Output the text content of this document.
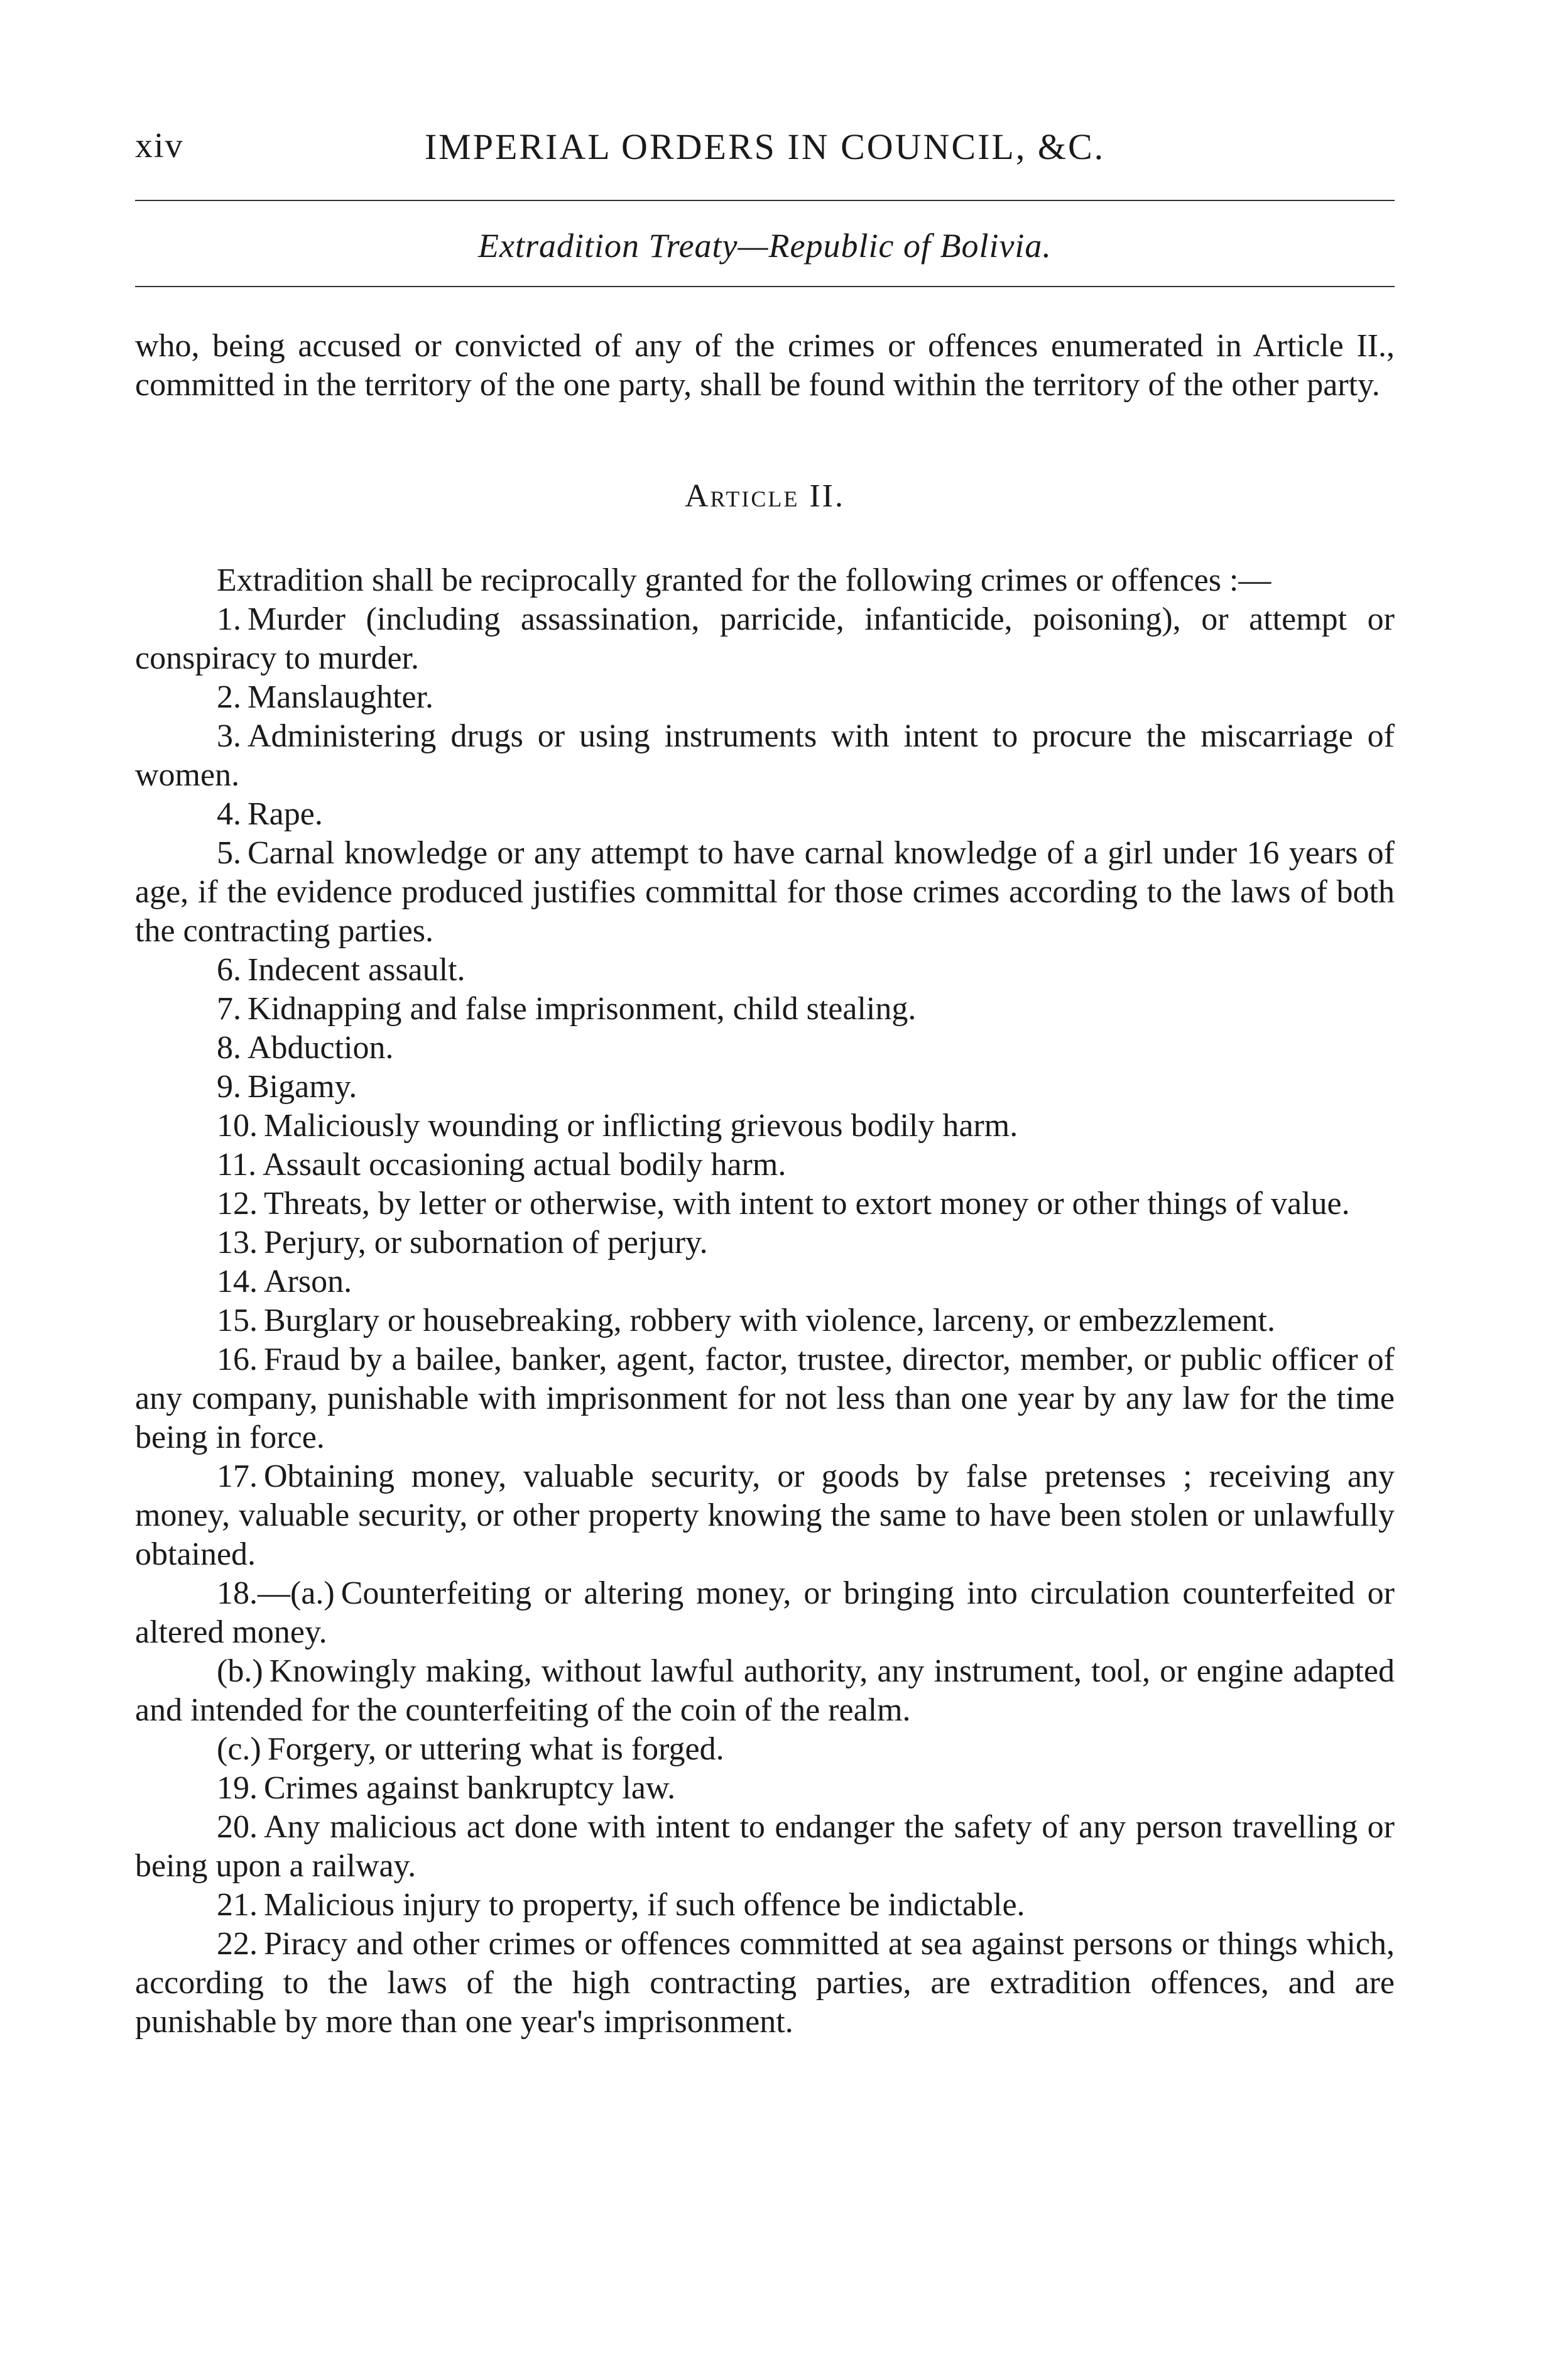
xiv	IMPERIAL ORDERS IN COUNCIL, &C.
Extradition Treaty—Republic of Bolivia.

who, being accused or convicted of any of the crimes or offences enumerated in Article II., committed in the territory of the one party, shall be found within the territory of the other party.

Article II.

Extradition shall be reciprocally granted for the following crimes or offences :—

1. Murder (including assassination, parricide, infanticide, poisoning), or attempt or conspiracy to murder.

2. Manslaughter.

3. Administering drugs or using instruments with intent to procure the miscarriage of women.

4. Rape.

5. Carnal knowledge or any attempt to have carnal knowledge of a girl under 16 years of age, if the evidence produced justifies committal for those crimes according to the laws of both the contracting parties.

6. Indecent assault.

7. Kidnapping and false imprisonment, child stealing.

8. Abduction.

9. Bigamy.

10. Maliciously wounding or inflicting grievous bodily harm.

11. Assault occasioning actual bodily harm.

12. Threats, by letter or otherwise, with intent to extort money or other things of value.

13. Perjury, or subornation of perjury.

14. Arson.

15. Burglary or housebreaking, robbery with violence, larceny, or embezzlement.

16. Fraud by a bailee, banker, agent, factor, trustee, director, member, or public officer of any company, punishable with imprisonment for not less than one year by any law for the time being in force.

17. Obtaining money, valuable security, or goods by false pretenses ; receiving any money, valuable security, or other property knowing the same to have been stolen or unlawfully obtained.

18.—(a.) Counterfeiting or altering money, or bringing into circulation counterfeited or altered money.

(b.) Knowingly making, without lawful authority, any instrument, tool, or engine adapted and intended for the counterfeiting of the coin of the realm.

(c.) Forgery, or uttering what is forged.

19. Crimes against bankruptcy law.

20. Any malicious act done with intent to endanger the safety of any person travelling or being upon a railway.

21. Malicious injury to property, if such offence be indictable.

22. Piracy and other crimes or offences committed at sea against persons or things which, according to the laws of the high contracting parties, are extradition offences, and are punishable by more than one year's imprisonment.
